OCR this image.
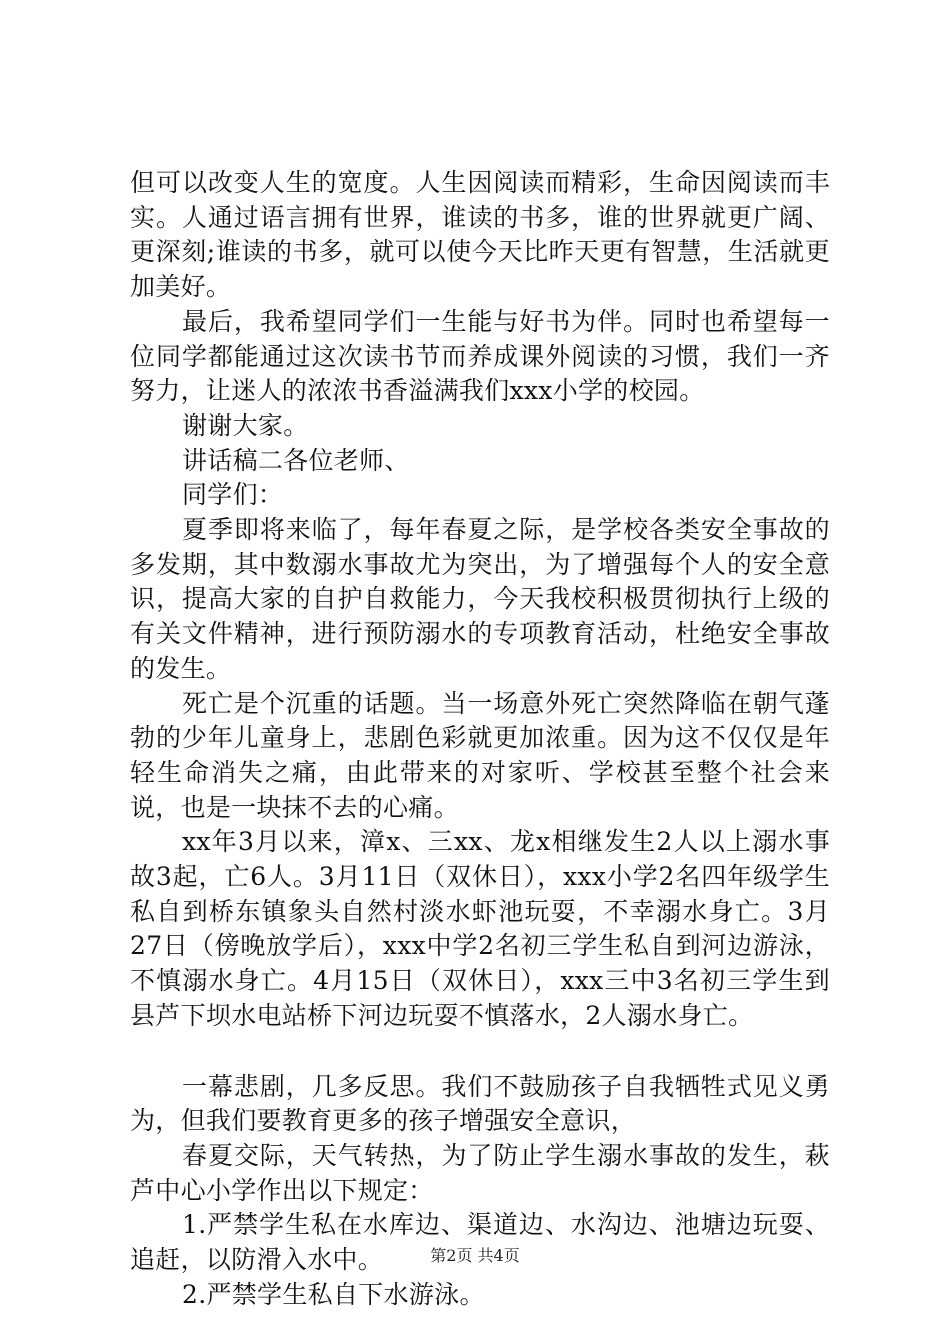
但可以改变人生的宽度。人生因阅读而精彩，生命因阅读而丰实。人通过语言拥有世界，谁读的书多，谁的世界就更广阔、更深刻;谁读的书多，就可以使今天比昨天更有智慧，生活就更加美好。

最后，我希望同学们一生能与好书为伴。同时也希望每一位同学都能通过这次读书节而养成课外阅读的习惯，我们一齐努力，让迷人的浓浓书香溢满我们xxx小学的校园。

谢谢大家。

讲话稿二各位老师、

同学们：

夏季即将来临了，每年春夏之际，是学校各类安全事故的多发期，其中数溺水事故尤为突出，为了增强每个人的安全意识，提高大家的自护自救能力，今天我校积极贯彻执行上级的有关文件精神，进行预防溺水的专项教育活动，杜绝安全事故的发生。

死亡是个沉重的话题。当一场意外死亡突然降临在朝气蓬勃的少年儿童身上，悲剧色彩就更加浓重。因为这不仅仅是年轻生命消失之痛，由此带来的对家听、学校甚至整个社会来说，也是一块抹不去的心痛。

xx年3月以来，漳x、三xx、龙x相继发生2人以上溺水事故3起，亡6人。3月11日（双休日），xxx小学2名四年级学生私自到桥东镇象头自然村淡水虾池玩耍，不幸溺水身亡。3月27日（傍晚放学后），xxx中学2名初三学生私自到河边游泳，不慎溺水身亡。4月15日（双休日），xxx三中3名初三学生到县芦下坝水电站桥下河边玩耍不慎落水，2人溺水身亡。

一幕悲剧，几多反思。我们不鼓励孩子自我牺牲式见义勇为，但我们要教育更多的孩子增强安全意识，

春夏交际，天气转热，为了防止学生溺水事故的发生，萩芦中心小学作出以下规定：

1.严禁学生私在水库边、渠道边、水沟边、池塘边玩耍、追赶，以防滑入水中。

2.严禁学生私自下水游泳。

第2页 共4页
